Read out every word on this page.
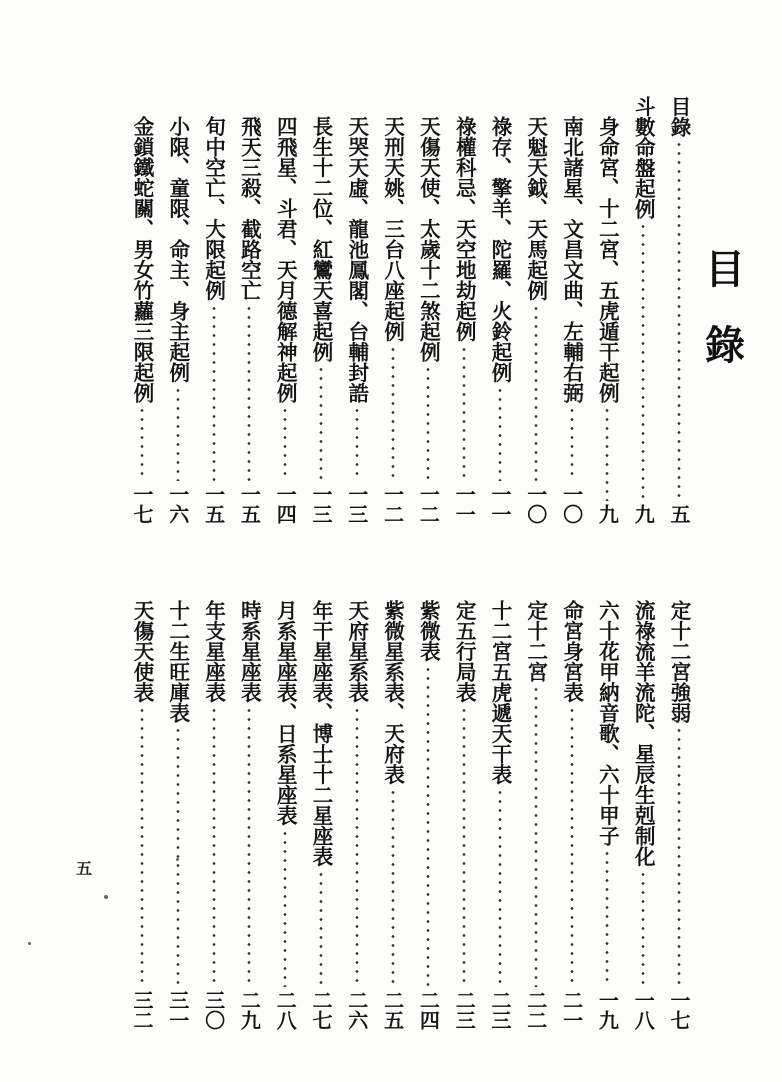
目
錄
目錄
五
斗數命盤起例
九
身命宮、十二宮、五虎遁干起例
九
南北諸星、文昌文曲、左輔右弼
一〇
天魁天鉞、天馬起例
一〇
祿存、擎羊、陀羅、火鈴起例
一一
祿權科忌、天空地劫起例
一一
天傷天使、太歲十二煞起例
一二
天刑天姚、三台八座起例
一二
天哭天虛、龍池鳳閣、台輔封誥
一三
長生十二位、紅鸞天喜起例
一三
四飛星、斗君、天月德解神起例
一四
飛天三殺、截路空亡
一五
旬中空亡、大限起例
一五
小限、童限、命主、身主起例
一六
金鎖鐵蛇關、男女竹蘿三限起例
一七
定十二宮強弱
一七
流祿流羊流陀、星辰生剋制化
一八
六十花甲納音歌、六十甲子
一九
命宮身宮表
二一
定十二宮
二二
十二宮五虎遞天干表
二三
定五行局表
二三
紫微表
二四
紫微星系表、天府表
二五
天府星系表
二六
年干星座表、博士十二星座表
二七
月系星座表、日系星座表
二八
時系星座表
二九
年支星座表
三〇
十二生旺庫表
三一
天傷天使表
三二
五
